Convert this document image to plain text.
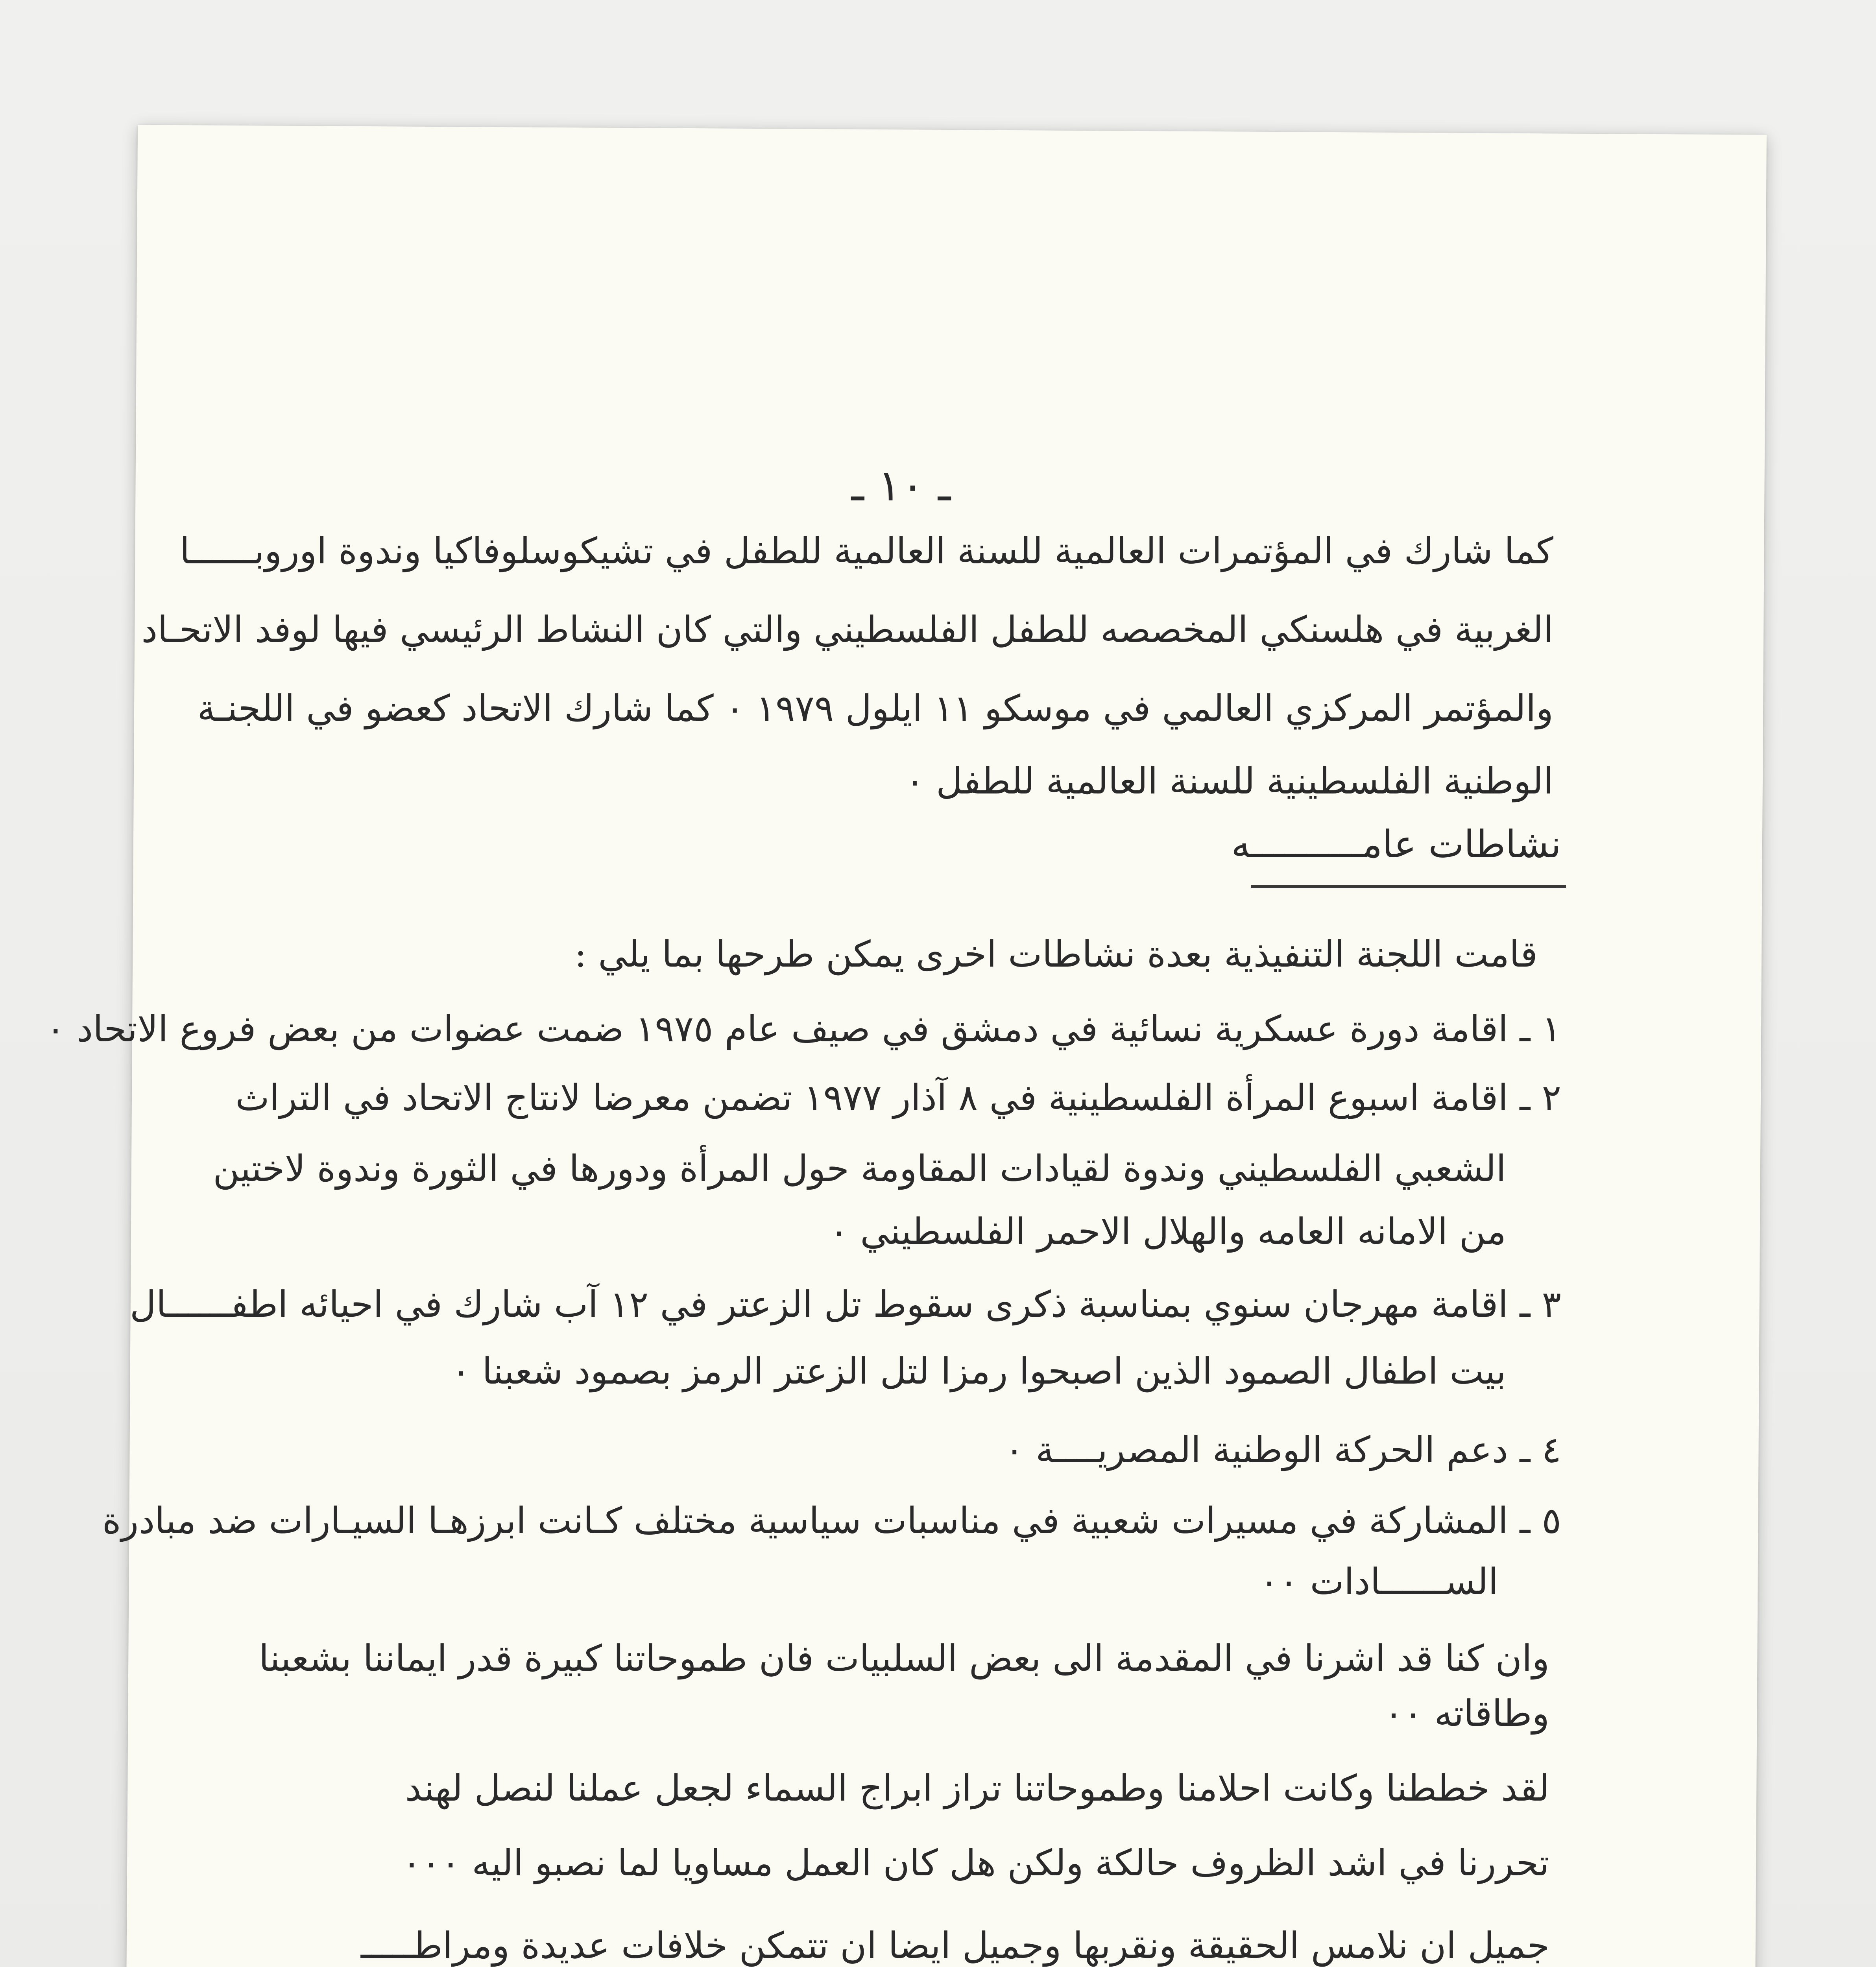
ـ ١٠ ـ
كما شارك في المؤتمرات العالمية للسنة العالمية للطفل في تشيكوسلوفاكيا وندوة اوروبــــــا
الغربية في هلسنكي المخصصه للطفل الفلسطيني والتي كان النشاط الرئيسي فيها لوفد الاتحـاد
والمؤتمر المركزي العالمي في موسكو ١١ ايلول ١٩٧٩ ٠ كما شارك الاتحاد كعضو في اللجنـة
الوطنية الفلسطينية للسنة العالمية للطفل ٠
نشاطات عامــــــــــه
قامت اللجنة التنفيذية بعدة نشاطات اخرى يمكن طرحها بما يلي :
١ ـ اقامة دورة عسكرية نسائية في دمشق في صيف عام ١٩٧٥ ضمت عضوات من بعض فروع الاتحاد ٠
٢ ـ اقامة اسبوع المرأة الفلسطينية في ٨ آذار ١٩٧٧ تضمن معرضا لانتاج الاتحاد في التراث
الشعبي الفلسطيني وندوة لقيادات المقاومة حول المرأة ودورها في الثورة وندوة لاختين
من الامانه العامه والهلال الاحمر الفلسطيني ٠
٣ ـ اقامة مهرجان سنوي بمناسبة ذكرى سقوط تل الزعتر في ١٢ آب شارك في احيائه اطفــــــال
بيت اطفال الصمود الذين اصبحوا رمزا لتل الزعتر الرمز بصمود شعبنا ٠
٤ ـ دعم الحركة الوطنية المصريــــة ٠
٥ ـ المشاركة في مسيرات شعبية في مناسبات سياسية مختلف كـانت ابرزهـا السيـارات ضد مبادرة
الســــــادات ٠٠
وان كنا قد اشرنا في المقدمة الى بعض السلبيات فان طموحاتنا كبيرة قدر ايماننا بشعبنا
وطاقاته ٠٠
لقد خططنا وكانت احلامنا وطموحاتنا تراز ابراج السماء لجعل عملنا لنصل لهند
تحررنا في اشد الظروف حالكة ولكن هل كان العمل مساويا لما نصبو اليه ٠٠٠
جميل ان نلامس الحقيقة ونقربها وجميل ايضا ان تتمكن خلافات عديدة ومراطـــــ
